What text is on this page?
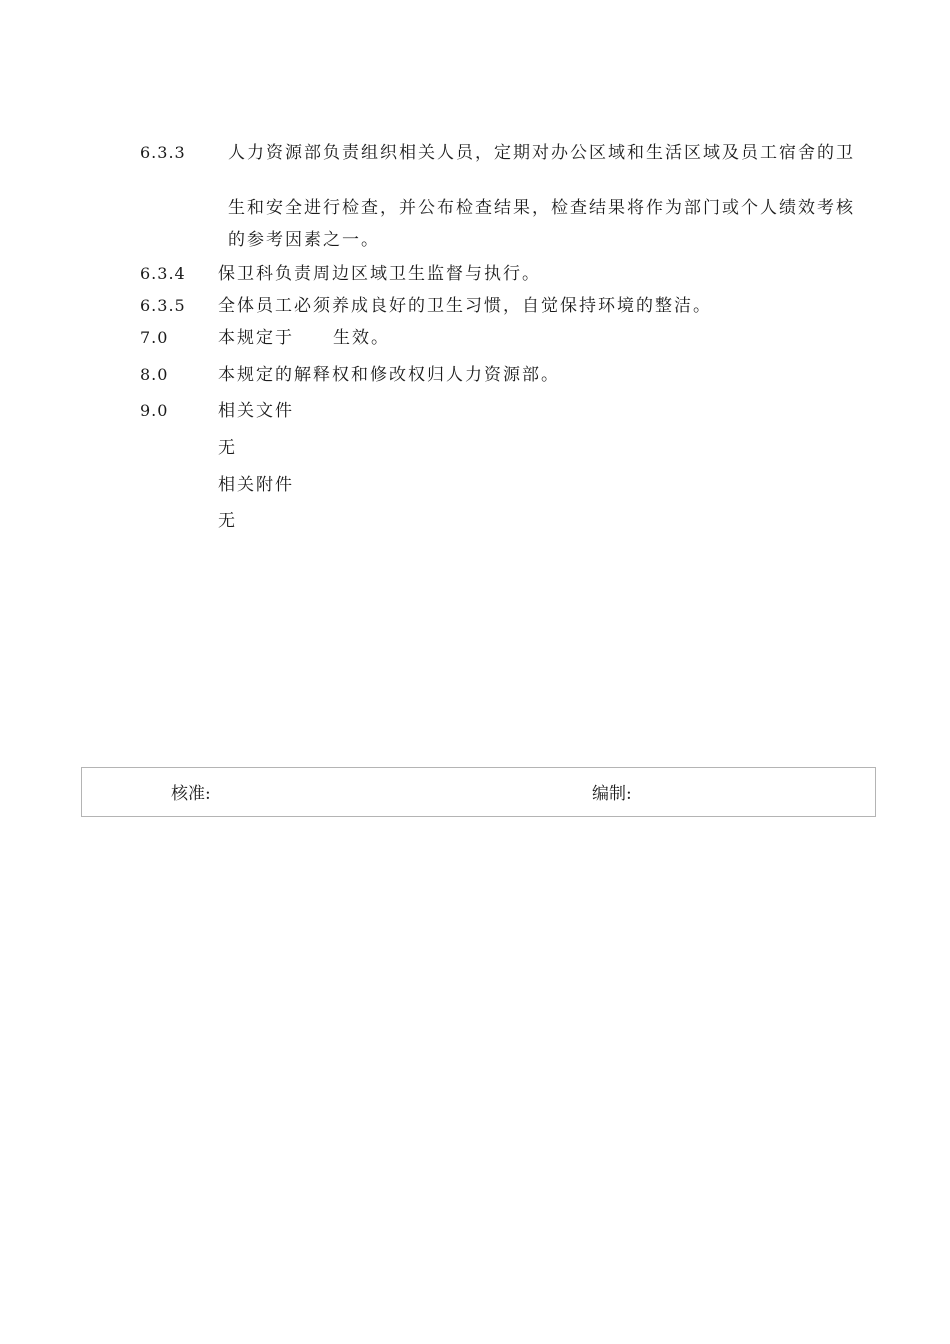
6.3.3 人力资源部负责组织相关人员，定期对办公区域和生活区域及员工宿舍的卫
生和安全进行检查，并公布检查结果，检查结果将作为部门或个人绩效考核
的参考因素之一。
6.3.4 保卫科负责周边区域卫生监督与执行。
6.3.5 全体员工必须养成良好的卫生习惯，自觉保持环境的整洁。
7.0	本规定于 生效。
8.0	本规定的解释权和修改权归人力资源部。
9.0	相关文件
无
相关附件
无
核准:	编制:
